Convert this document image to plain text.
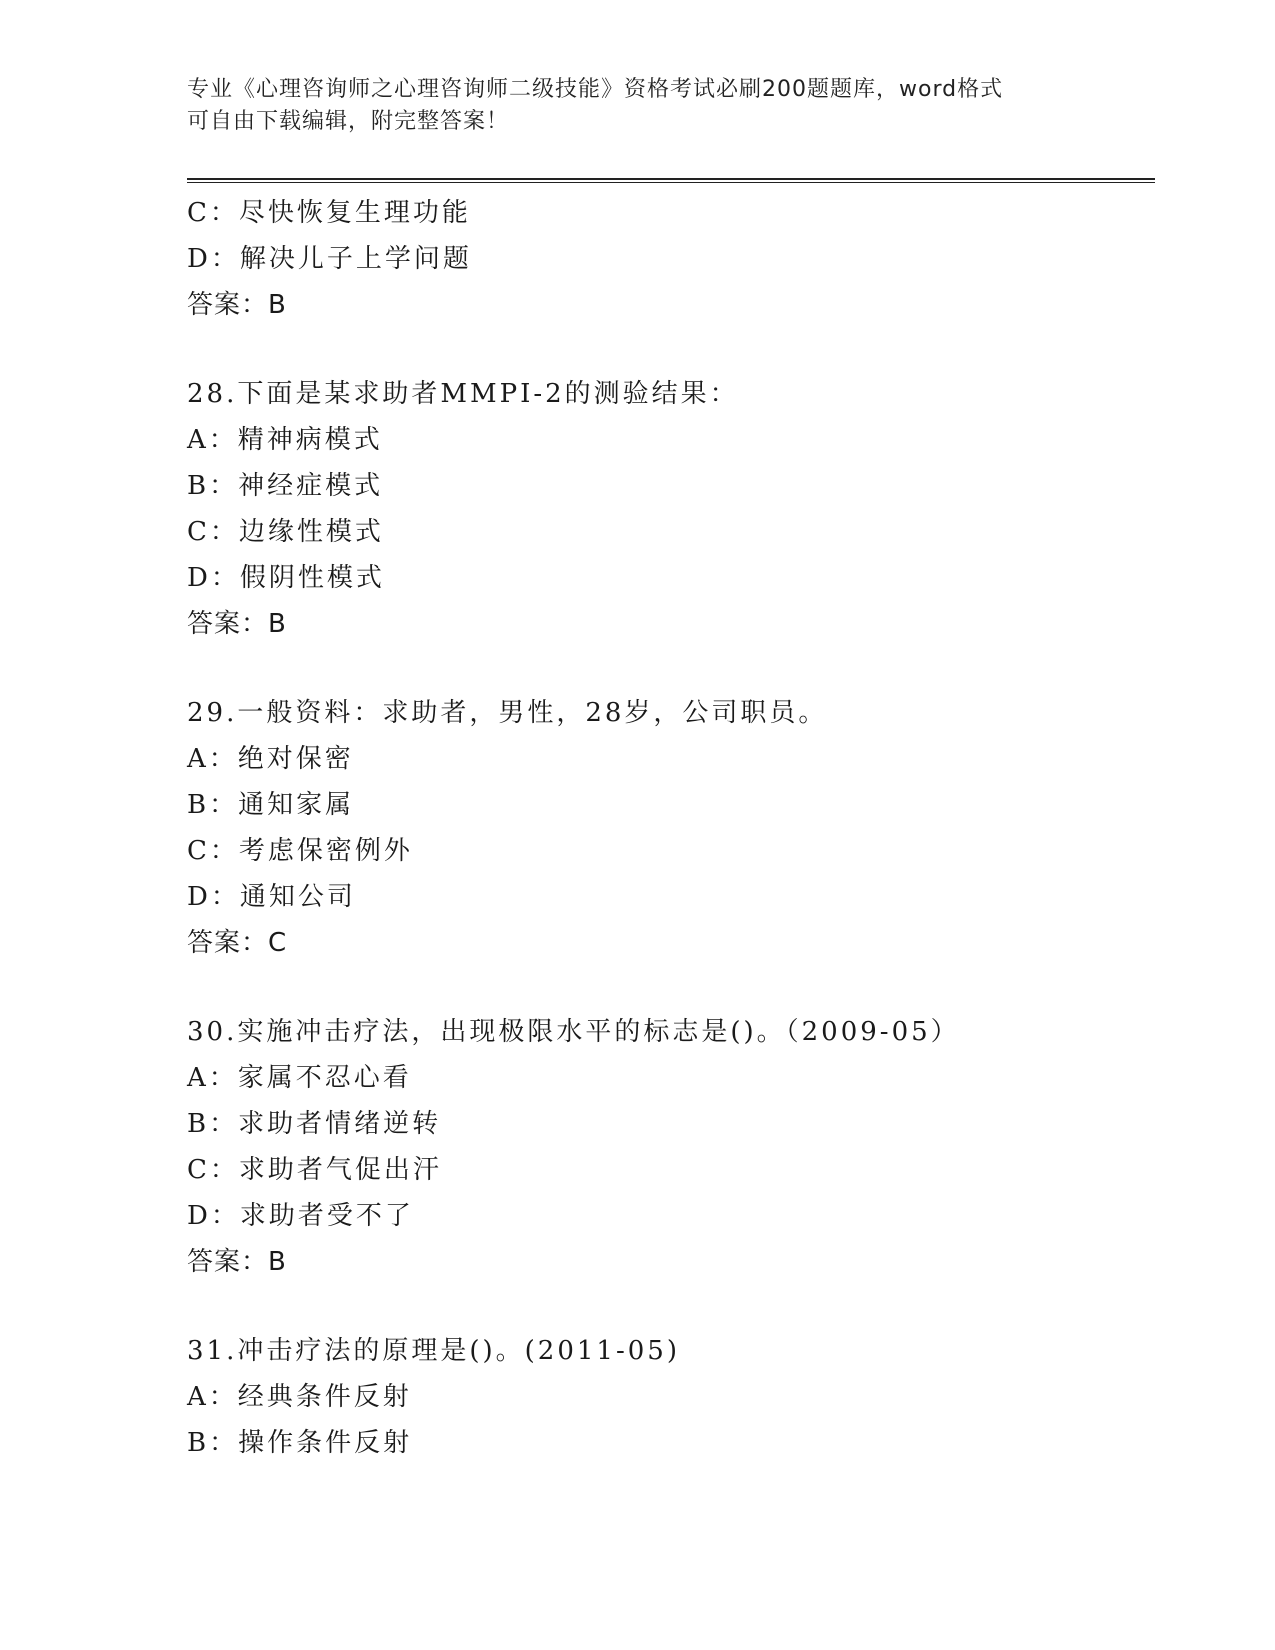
专业《心理咨询师之心理咨询师二级技能》资格考试必刷200题题库，word格式
可自由下载编辑，附完整答案！
C：尽快恢复生理功能
D：解决儿子上学问题
答案：B
28.下面是某求助者MMPI-2的测验结果：
A：精神病模式
B：神经症模式
C：边缘性模式
D：假阴性模式
答案：B
29.一般资料：求助者，男性，28岁，公司职员。
A：绝对保密
B：通知家属
C：考虑保密例外
D：通知公司
答案：C
30.实施冲击疗法，出现极限水平的标志是()。（2009-05）
A：家属不忍心看
B：求助者情绪逆转
C：求助者气促出汗
D：求助者受不了
答案：B
31.冲击疗法的原理是()。(2011-05)
A：经典条件反射
B：操作条件反射
